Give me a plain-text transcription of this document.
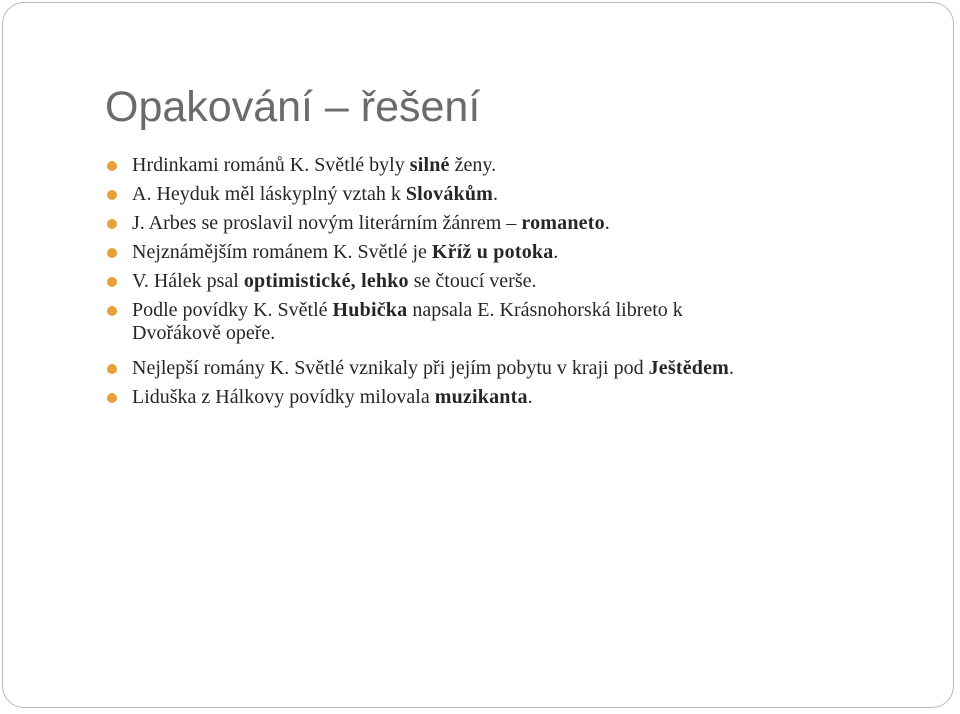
Opakování – řešení
Hrdinkami románů K. Světlé byly silné ženy.
A. Heyduk měl láskyplný vztah k Slovákům.
J. Arbes se proslavil novým literárním žánrem – romaneto.
Nejznámějším románem K. Světlé je Kříž u potoka.
V. Hálek psal optimistické, lehko se čtoucí verše.
Podle povídky K. Světlé Hubička napsala E. Krásnohorská libreto k
Dvořákově opeře.
Nejlepší romány K. Světlé vznikaly při jejím pobytu v kraji pod Ještědem.
Liduška z Hálkovy povídky milovala muzikanta.
